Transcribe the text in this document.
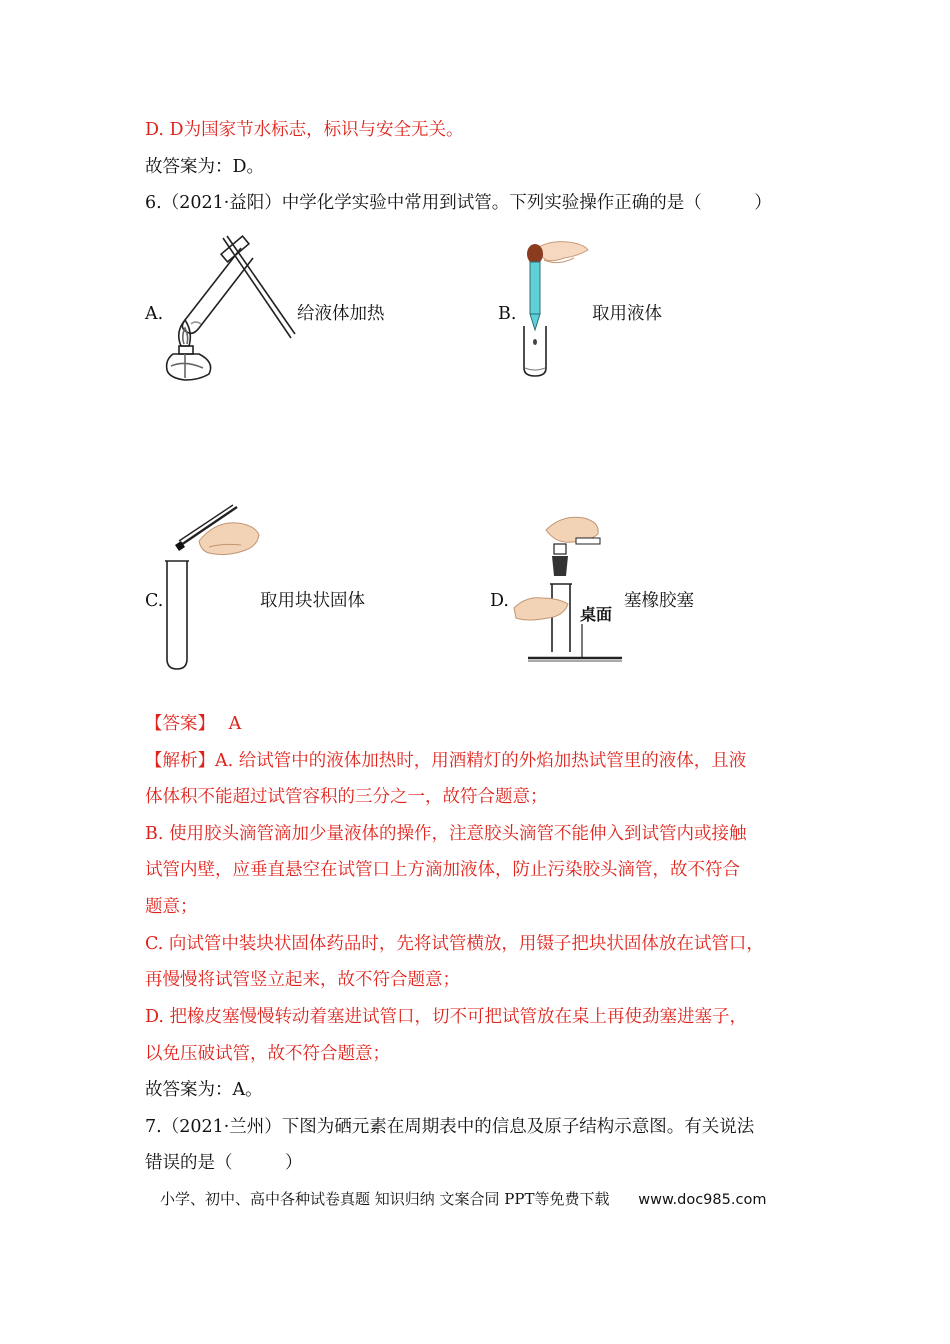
D. D为国家节水标志，标识与安全无关。
故答案为：D。
6.（2021·益阳）中学化学实验中常用到试管。下列实验操作正确的是（　　　）
A.	给液体加热	B.	取用液体
C.	取用块状固体	D.
桌面
塞橡胶塞
【答案】 A
【解析】A. 给试管中的液体加热时，用酒精灯的外焰加热试管里的液体，且液
体体积不能超过试管容积的三分之一，故符合题意；
B. 使用胶头滴管滴加少量液体的操作，注意胶头滴管不能伸入到试管内或接触
试管内壁，应垂直悬空在试管口上方滴加液体，防止污染胶头滴管，故不符合
题意；
C. 向试管中装块状固体药品时，先将试管横放，用镊子把块状固体放在试管口，
再慢慢将试管竖立起来，故不符合题意；
D. 把橡皮塞慢慢转动着塞进试管口，切不可把试管放在桌上再使劲塞进塞子，
以免压破试管，故不符合题意；
故答案为：A。
7.（2021·兰州）下图为硒元素在周期表中的信息及原子结构示意图。有关说法
错误的是（　　　）
小学、初中、高中各种试卷真题 知识归纳 文案合同 PPT等免费下载 www.doc985.com
